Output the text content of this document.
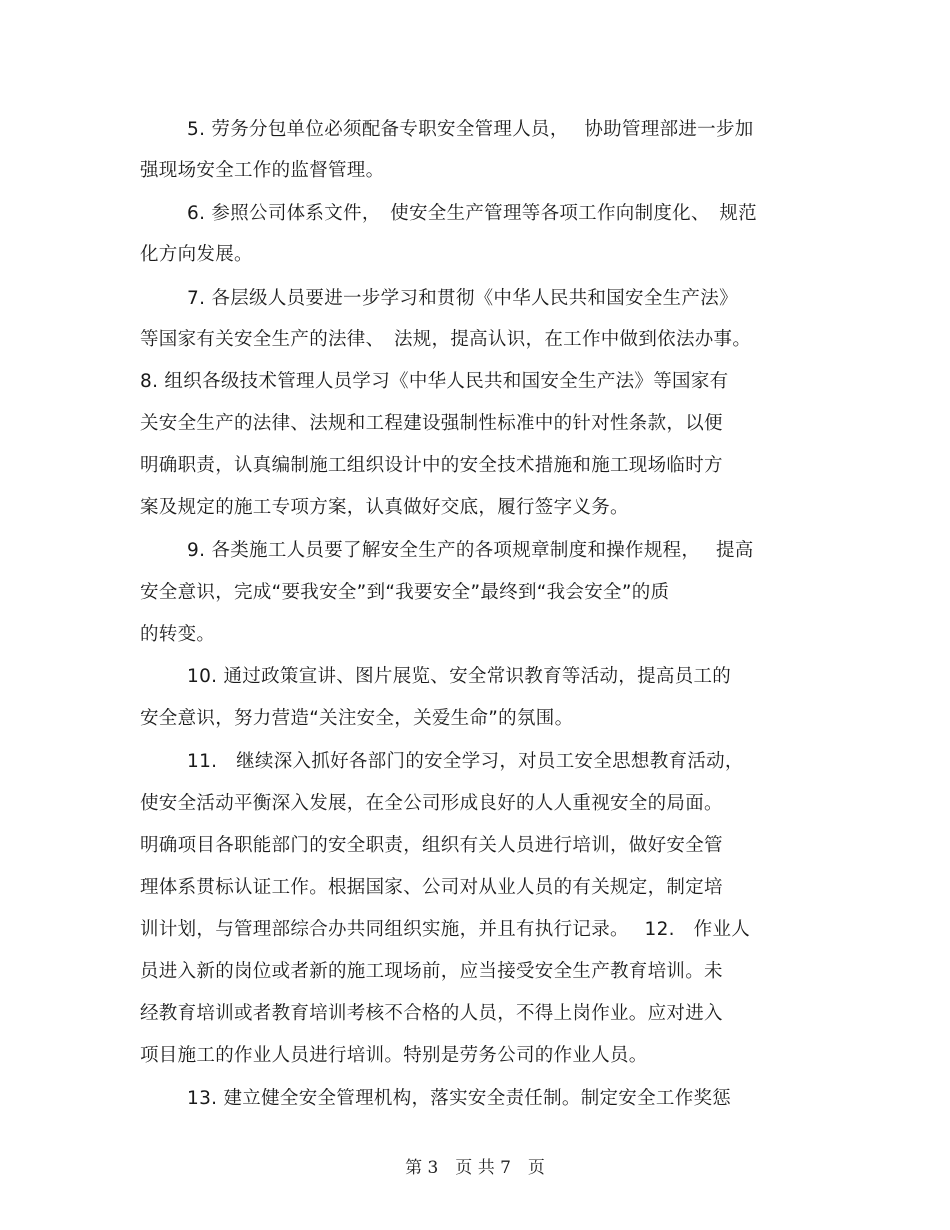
5. 劳务分包单位必须配备专职安全管理人员，　 协助管理部进一步加
强现场安全工作的监督管理。
6. 参照公司体系文件，　使安全生产管理等各项工作向制度化、　规范
化方向发展。
7. 各层级人员要进一步学习和贯彻《中华人民共和国安全生产法》
等国家有关安全生产的法律、　法规，提高认识，在工作中做到依法办事。
8. 组织各级技术管理人员学习《中华人民共和国安全生产法》等国家有
关安全生产的法律、法规和工程建设强制性标准中的针对性条款，以便
明确职责，认真编制施工组织设计中的安全技术措施和施工现场临时方
案及规定的施工专项方案，认真做好交底，履行签字义务。
9. 各类施工人员要了解安全生产的各项规章制度和操作规程，　 提高
安全意识，完成“要我安全”到“我要安全”最终到“我会安全”的质
的转变。
10. 通过政策宣讲、图片展览、安全常识教育等活动，提高员工的
安全意识，努力营造“关注安全，关爱生命”的氛围。
11.　继续深入抓好各部门的安全学习，对员工安全思想教育活动，
使安全活动平衡深入发展，在全公司形成良好的人人重视安全的局面。
明确项目各职能部门的安全职责，组织有关人员进行培训，做好安全管
理体系贯标认证工作。根据国家、公司对从业人员的有关规定，制定培
训计划，与管理部综合办共同组织实施，并且有执行记录。　 12.　作业人
员进入新的岗位或者新的施工现场前，应当接受安全生产教育培训。未
经教育培训或者教育培训考核不合格的人员，不得上岗作业。应对进入
项目施工的作业人员进行培训。特别是劳务公司的作业人员。
13. 建立健全安全管理机构，落实安全责任制。制定安全工作奖惩
第 3　页 共 7　页
